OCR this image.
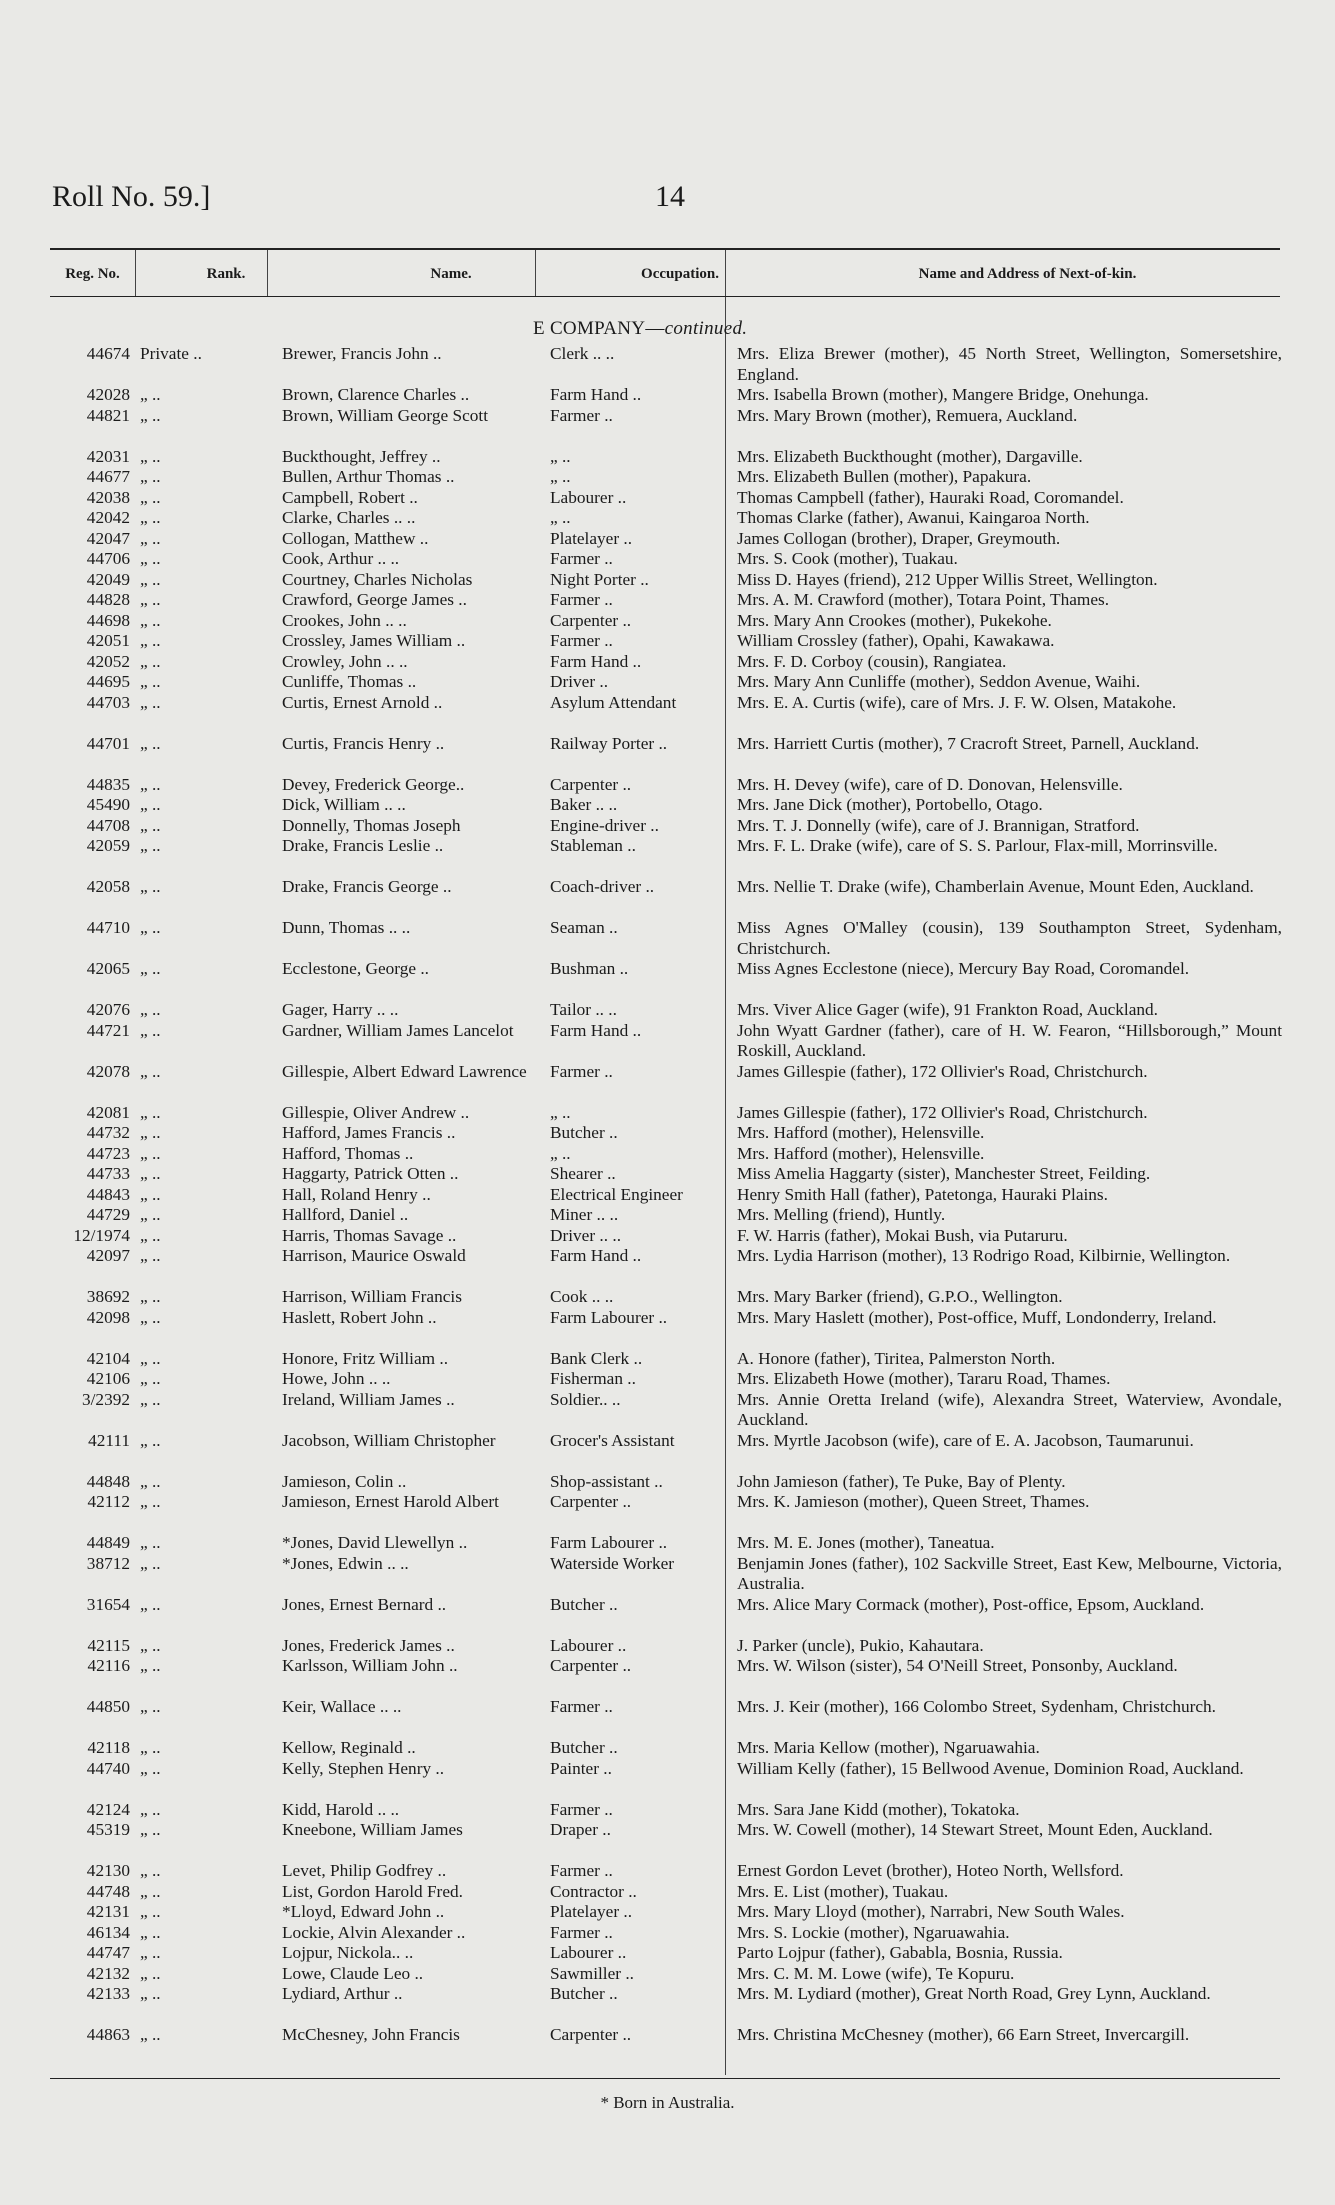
Roll No. 59.]	14
Reg. No.	Rank.	Name.	Occupation.	Name and Address of Next-of-kin.
E COMPANY—continued.
44674 Private ..	Brewer, Francis John ..	Clerk .. ..	Mrs. Eliza Brewer (mother), 45 North Street, Wellington, Somersetshire, England.
42028 „ ..	Brown, Clarence Charles ..	Farm Hand ..	Mrs. Isabella Brown (mother), Mangere Bridge, Onehunga.
44821 „ ..	Brown, William George Scott	Farmer ..	Mrs. Mary Brown (mother), Remuera, Auckland.
42031 „ ..	Buckthought, Jeffrey ..	„ ..	Mrs. Elizabeth Buckthought (mother), Dargaville.
44677 „ ..	Bullen, Arthur Thomas ..	„ ..	Mrs. Elizabeth Bullen (mother), Papakura.
42038 „ ..	Campbell, Robert ..	Labourer ..	Thomas Campbell (father), Hauraki Road, Coromandel.
42042 „ ..	Clarke, Charles .. ..	„ ..	Thomas Clarke (father), Awanui, Kaingaroa North.
42047 „ ..	Collogan, Matthew ..	Platelayer ..	James Collogan (brother), Draper, Greymouth.
44706 „ ..	Cook, Arthur .. ..	Farmer ..	Mrs. S. Cook (mother), Tuakau.
42049 „ ..	Courtney, Charles Nicholas	Night Porter ..	Miss D. Hayes (friend), 212 Upper Willis Street, Wellington.
44828 „ ..	Crawford, George James ..	Farmer ..	Mrs. A. M. Crawford (mother), Totara Point, Thames.
44698 „ ..	Crookes, John .. ..	Carpenter ..	Mrs. Mary Ann Crookes (mother), Pukekohe.
42051 „ ..	Crossley, James William ..	Farmer ..	William Crossley (father), Opahi, Kawakawa.
42052 „ ..	Crowley, John .. ..	Farm Hand ..	Mrs. F. D. Corboy (cousin), Rangiatea.
44695 „ ..	Cunliffe, Thomas ..	Driver ..	Mrs. Mary Ann Cunliffe (mother), Seddon Avenue, Waihi.
44703 „ ..	Curtis, Ernest Arnold ..	Asylum Attendant	Mrs. E. A. Curtis (wife), care of Mrs. J. F. W. Olsen, Matakohe.
44701 „ ..	Curtis, Francis Henry ..	Railway Porter ..	Mrs. Harriett Curtis (mother), 7 Cracroft Street, Parnell, Auckland.
44835 „ ..	Devey, Frederick George..	Carpenter ..	Mrs. H. Devey (wife), care of D. Donovan, Helensville.
45490 „ ..	Dick, William .. ..	Baker .. ..	Mrs. Jane Dick (mother), Portobello, Otago.
44708 „ ..	Donnelly, Thomas Joseph	Engine-driver ..	Mrs. T. J. Donnelly (wife), care of J. Brannigan, Stratford.
42059 „ ..	Drake, Francis Leslie ..	Stableman ..	Mrs. F. L. Drake (wife), care of S. S. Parlour, Flax-mill, Morrinsville.
42058 „ ..	Drake, Francis George ..	Coach-driver ..	Mrs. Nellie T. Drake (wife), Chamberlain Avenue, Mount Eden, Auckland.
44710 „ ..	Dunn, Thomas .. ..	Seaman ..	Miss Agnes O'Malley (cousin), 139 Southampton Street, Sydenham, Christchurch.
42065 „ ..	Ecclestone, George ..	Bushman ..	Miss Agnes Ecclestone (niece), Mercury Bay Road, Coromandel.
42076 „ ..	Gager, Harry .. ..	Tailor .. ..	Mrs. Viver Alice Gager (wife), 91 Frankton Road, Auckland.
44721 „ ..	Gardner, William James Lancelot	Farm Hand ..	John Wyatt Gardner (father), care of H. W. Fearon, “Hillsborough,” Mount Roskill, Auckland.
42078 „ ..	Gillespie, Albert Edward Lawrence	Farmer ..	James Gillespie (father), 172 Ollivier's Road, Christchurch.
42081 „ ..	Gillespie, Oliver Andrew ..	„ ..	James Gillespie (father), 172 Ollivier's Road, Christchurch.
44732 „ ..	Hafford, James Francis ..	Butcher ..	Mrs. Hafford (mother), Helensville.
44723 „ ..	Hafford, Thomas ..	„ ..	Mrs. Hafford (mother), Helensville.
44733 „ ..	Haggarty, Patrick Otten ..	Shearer ..	Miss Amelia Haggarty (sister), Manchester Street, Feilding.
44843 „ ..	Hall, Roland Henry ..	Electrical Engineer	Henry Smith Hall (father), Patetonga, Hauraki Plains.
44729 „ ..	Hallford, Daniel ..	Miner .. ..	Mrs. Melling (friend), Huntly.
12/1974 „ ..	Harris, Thomas Savage ..	Driver .. ..	F. W. Harris (father), Mokai Bush, via Putaruru.
42097 „ ..	Harrison, Maurice Oswald	Farm Hand ..	Mrs. Lydia Harrison (mother), 13 Rodrigo Road, Kilbirnie, Wellington.
38692 „ ..	Harrison, William Francis	Cook .. ..	Mrs. Mary Barker (friend), G.P.O., Wellington.
42098 „ ..	Haslett, Robert John ..	Farm Labourer ..	Mrs. Mary Haslett (mother), Post-office, Muff, Londonderry, Ireland.
42104 „ ..	Honore, Fritz William ..	Bank Clerk ..	A. Honore (father), Tiritea, Palmerston North.
42106 „ ..	Howe, John .. ..	Fisherman ..	Mrs. Elizabeth Howe (mother), Tararu Road, Thames.
3/2392 „ ..	Ireland, William James ..	Soldier.. ..	Mrs. Annie Oretta Ireland (wife), Alexandra Street, Waterview, Avondale, Auckland.
42111 „ ..	Jacobson, William Christopher	Grocer's Assistant	Mrs. Myrtle Jacobson (wife), care of E. A. Jacobson, Taumarunui.
44848 „ ..	Jamieson, Colin ..	Shop-assistant ..	John Jamieson (father), Te Puke, Bay of Plenty.
42112 „ ..	Jamieson, Ernest Harold Albert	Carpenter ..	Mrs. K. Jamieson (mother), Queen Street, Thames.
44849 „ ..	*Jones, David Llewellyn ..	Farm Labourer ..	Mrs. M. E. Jones (mother), Taneatua.
38712 „ ..	*Jones, Edwin .. ..	Waterside Worker	Benjamin Jones (father), 102 Sackville Street, East Kew, Melbourne, Victoria, Australia.
31654 „ ..	Jones, Ernest Bernard ..	Butcher ..	Mrs. Alice Mary Cormack (mother), Post-office, Epsom, Auckland.
42115 „ ..	Jones, Frederick James ..	Labourer ..	J. Parker (uncle), Pukio, Kahautara.
42116 „ ..	Karlsson, William John ..	Carpenter ..	Mrs. W. Wilson (sister), 54 O'Neill Street, Ponsonby, Auckland.
44850 „ ..	Keir, Wallace .. ..	Farmer ..	Mrs. J. Keir (mother), 166 Colombo Street, Sydenham, Christchurch.
42118 „ ..	Kellow, Reginald ..	Butcher ..	Mrs. Maria Kellow (mother), Ngaruawahia.
44740 „ ..	Kelly, Stephen Henry ..	Painter ..	William Kelly (father), 15 Bellwood Avenue, Dominion Road, Auckland.
42124 „ ..	Kidd, Harold .. ..	Farmer ..	Mrs. Sara Jane Kidd (mother), Tokatoka.
45319 „ ..	Kneebone, William James	Draper ..	Mrs. W. Cowell (mother), 14 Stewart Street, Mount Eden, Auckland.
42130 „ ..	Levet, Philip Godfrey ..	Farmer ..	Ernest Gordon Levet (brother), Hoteo North, Wellsford.
44748 „ ..	List, Gordon Harold Fred.	Contractor ..	Mrs. E. List (mother), Tuakau.
42131 „ ..	*Lloyd, Edward John ..	Platelayer ..	Mrs. Mary Lloyd (mother), Narrabri, New South Wales.
46134 „ ..	Lockie, Alvin Alexander ..	Farmer ..	Mrs. S. Lockie (mother), Ngaruawahia.
44747 „ ..	Lojpur, Nickola.. ..	Labourer ..	Parto Lojpur (father), Gababla, Bosnia, Russia.
42132 „ ..	Lowe, Claude Leo ..	Sawmiller ..	Mrs. C. M. M. Lowe (wife), Te Kopuru.
42133 „ ..	Lydiard, Arthur ..	Butcher ..	Mrs. M. Lydiard (mother), Great North Road, Grey Lynn, Auckland.
44863 „ ..	McChesney, John Francis	Carpenter ..	Mrs. Christina McChesney (mother), 66 Earn Street, Invercargill.
* Born in Australia.
